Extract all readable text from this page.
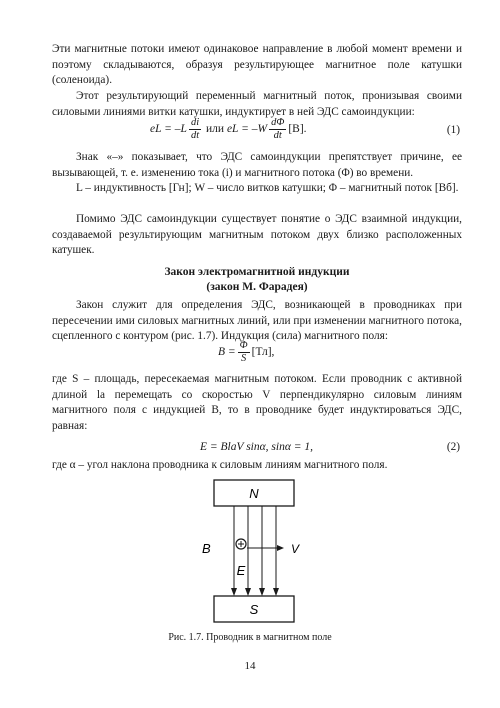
Эти магнитные потоки имеют одинаковое направление в любой момент времени и поэтому складываются, образуя результирующее магнитное поле катушки (соленоида).

Этот результирующий переменный магнитный поток, пронизывая своими силовыми линиями витки катушки, индуктирует в ней ЭДС самоиндукции:

eL = $-L \frac{di}{dt}$ или eL = $-W \frac{d\Phi}{dt} [В]$.	(1)

Знак «–» показывает, что ЭДС самоиндукции препятствует причине, ее вызывающей, т. е. изменению тока (i) и магнитного потока (Φ) во времени.

L – индуктивность [Гн]; W – число витков катушки; Φ – магнитный поток [Вб].

Помимо ЭДС самоиндукции существует понятие о ЭДС взаимной индукции, создаваемой результирующим магнитным потоком двух близко расположенных катушек.

Закон электромагнитной индукции
(закон М. Фарадея)

Закон служит для определения ЭДС, возникающей в проводниках при пересечении ими силовых магнитных линий, или при изменении магнитного потока, сцепленного с контуром (рис. 1.7). Индукция (сила) магнитного поля:

$B = \frac{\Phi}{S} [Тл]$,

где S – площадь, пересекаемая магнитным потоком. Если проводник с активной длиной lа перемещать со скоростью V перпендикулярно силовым линиям магнитного поля с индукцией B, то в проводнике будет индуктироваться ЭДС, равная:

E = BlаV sinα, sinα = 1,	(2)

где α – угол наклона проводника к силовым линиям магнитного поля.

N
S
V
B
E
Рис. 1.7. Проводник в магнитном поле
14
